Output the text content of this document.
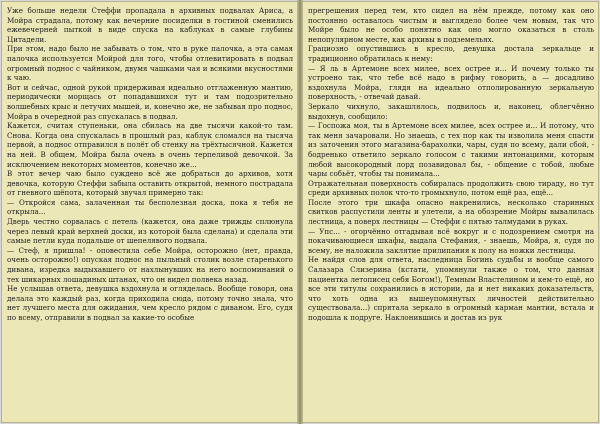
Уже больше недели Стеффи пропадала в архивных подвалах Ариса, а Мойра страдала, потому как вечерние посиделки в гостиной сменились ежевечерней пыткой в виде спуска на каблуках в самые глубины Цитадели.

При этом, надо было не забывать о том, что в руке палочка, а эта самая палочка используется Мойрой для того, чтобы отлевитировать в подвал огромный поднос с чайником, двумя чашками чая и всякими вкусностями к чаю.

Вот и сейчас, одной рукой придерживая идеально отглаженную мантию, периодически морщась от попадавшихся тут и там подозрительно волшебных крыс и летучих мышей, и, конечно же, не забывая про поднос, Мойра в очередной раз спускалась в подвал.

Кажется, считая ступеньки, она сбилась на две тысячи какой-то там. Снова. Когда она спускалась в прошлый раз, каблук сломался на тысяча первой, а поднос отправился в полёт об стенку на трёхтысячной. Кажется на ней. В общем, Мойра была очень в очень терпеливой девочкой. За исключением некоторых моментов, конечно же...

В этот вечер чаю было суждено всё же добраться до архивов, хотя девочка, которую Стеффи забыла оставить открытой, немного пострадала от гневного шёпота, который звучал примерно так:

— Откройся сама, залаченная ты бесполезная доска, пока я тебя не открыла...

Дверь честно сорвалась с петель (кажется, она даже трижды сплюнула через левый край верхней доски, из которой была сделана) и сделала эти самые петли куда подальше от шепелявого подвала.

— Стеф, я пришла! - оповестила себе Мойра, осторожно (нет, правда, очень осторожно!) опуская поднос на пыльный столик возле старенького дивана, изредка выдыхавшего от нахлынувших на него воспоминаний о тех шикарных лошадиных штанах, что он видел полвека назад.

Не услышав ответа, девушка вздохнула и огляделась. Вообще говоря, она делала это каждый раз, когда приходила сюда, потому точно знала, что нет лучшего места для ожидания, чем кресло рядом с диваном. Его, судя по всему, отправили в подвал за какие-то особые

прегрешения перед тем, кто сидел на нём прежде, потому как оно постоянно оставалось чистым и выглядело более чем новым, так что Мойре было не особо понятно как оно могло оказаться в столь непопулярном месте, как архивы в подземельях.

Грациозно опустившись в кресло, девушка достала зеркальце и традиционно обратилась к нему:

— Я ль в Артемоне всех милее, всех острее и... И почему только ты устроено так, что тебе всё надо в рифму говорить, а — досадливо вздохнула Мойра, глядя на идеально отполированную зеркальную поверхность, - отвечай давай.

Зеркало чихнуло, закашлялось, подвилось и, наконец, облегчённо выдохнув, сообщило:

— Госпожа моя, ты в Артемоне всех милее, всех острее и... И потому, что так меня зачаровали. Но знаешь, с тех пор как ты изволила меня спасти из заточения этого магазина-барахолки, чары, судя по всему, дали сбой, - бодренько ответило зеркало голосом с такими интонациями, которым любой высокородный лорд позавидовал бы, - общение с тобой, любые чары собьёт, чтобы ты понимала...

Отражательная поверхность собиралась продолжить свою тираду, но тут среди архивных полок что-то громыхнуло, потом ещё раз, ещё...

После этого три шкафа опасно накренились, несколько старинных свитков распустили ленты и улетели, а на обозрение Мойры вывалилась лестница, а поверх лестницы — Стеффи с пятью талмудами в руках.

— Упс... - огорчённо отгадывая всё вокруг и с подозрением смотря на покачивающиеся шкафы, выдала Стефания, - знаешь, Мойра, я, судя по всему, не наложила заклятие прилипания к полу на ножки лестницы.

Не найдя слов для ответа, наследница Богинь судьбы и вообще самого Салазара Слизерина (кстати, упомянули также о том, что данная пациентка летописец себя Богом!), Темным Властелином и кем-то ещё, но все эти титулы сохранились в истории, да и нет никаких доказательств, что хоть одна из вышеупомянутых личностей действительно существовала...) спрятала зеркало в огромный карман мантии, встала и подошла к подруге. Наклонившись и достав из рук
